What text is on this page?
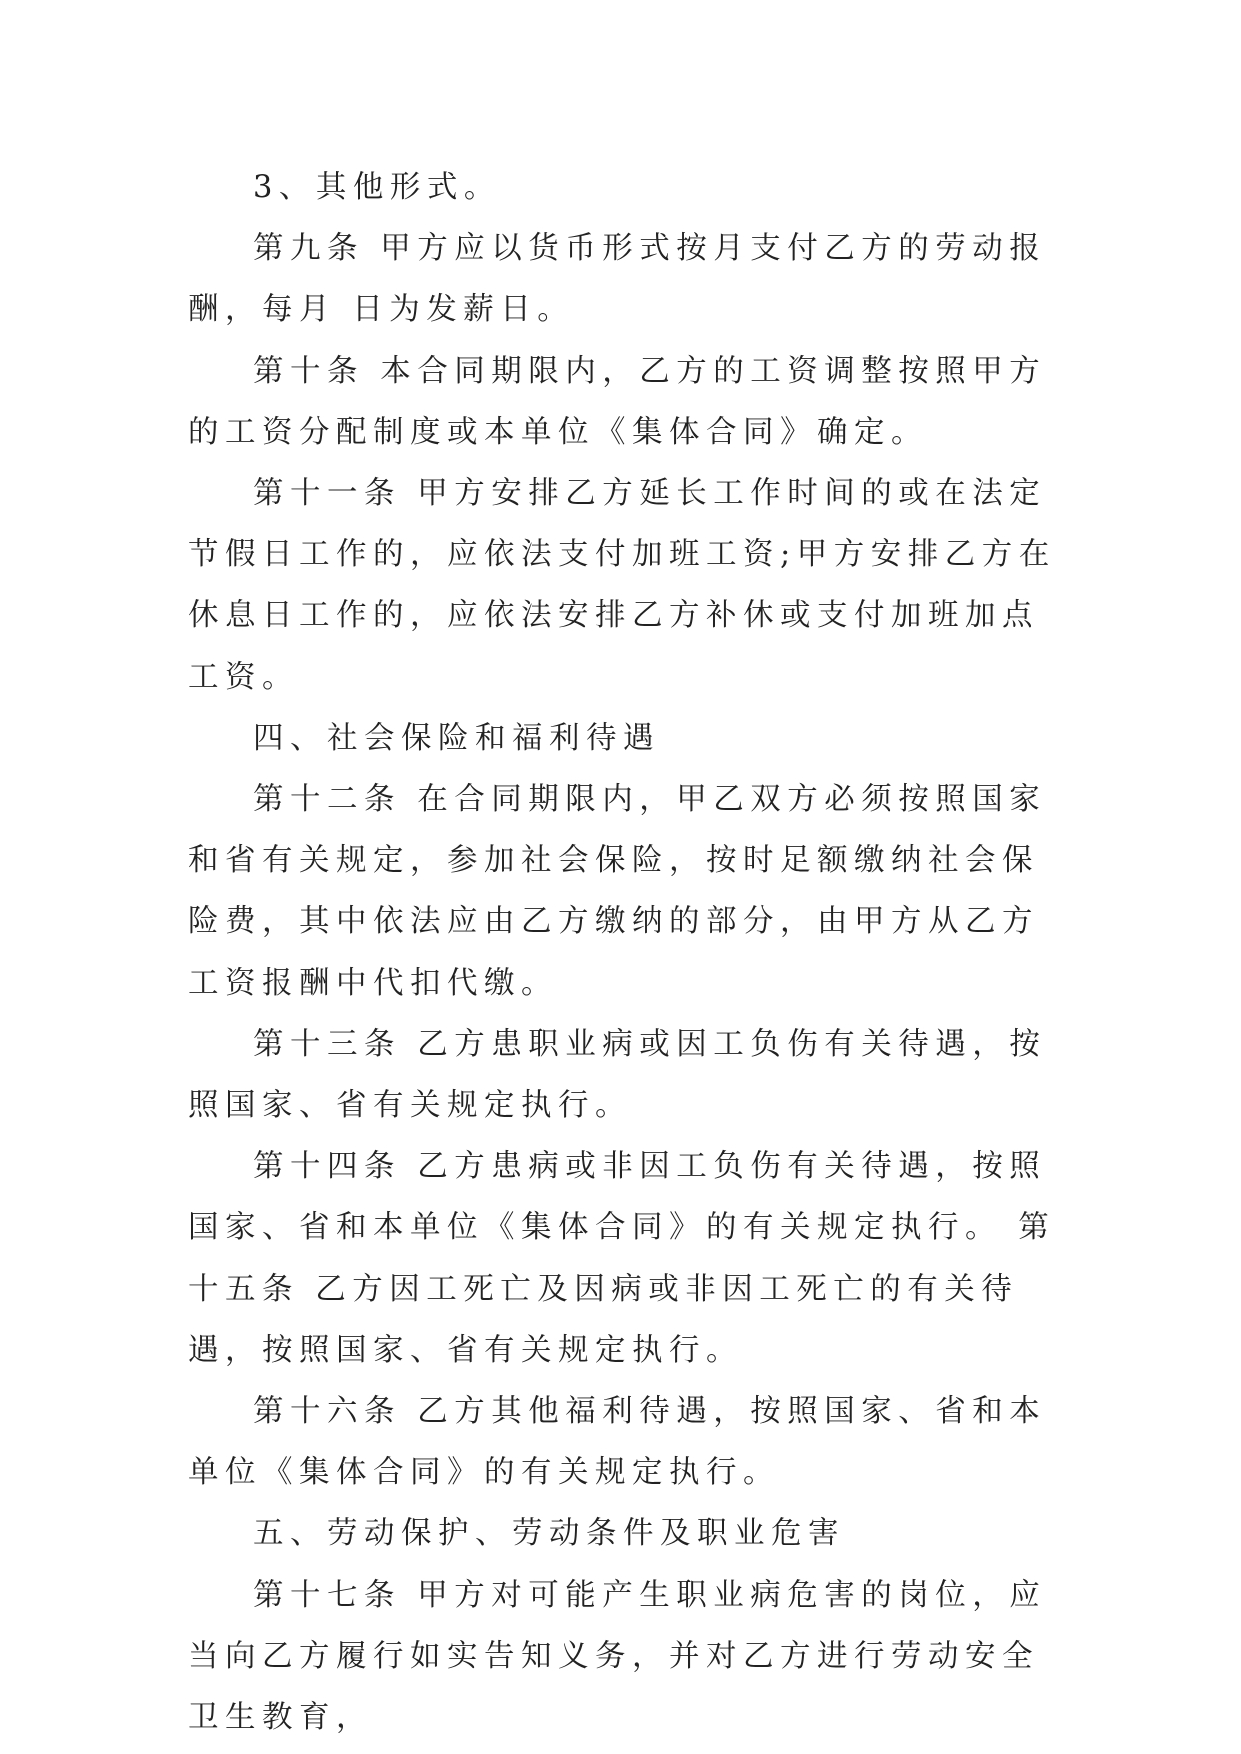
3、其他形式。

第九条 甲方应以货币形式按月支付乙方的劳动报酬，每月 日为发薪日。

第十条 本合同期限内，乙方的工资调整按照甲方的工资分配制度或本单位《集体合同》确定。

第十一条 甲方安排乙方延长工作时间的或在法定节假日工作的，应依法支付加班工资;甲方安排乙方在休息日工作的，应依法安排乙方补休或支付加班加点工资。

四、社会保险和福利待遇

第十二条 在合同期限内，甲乙双方必须按照国家和省有关规定，参加社会保险，按时足额缴纳社会保险费，其中依法应由乙方缴纳的部分，由甲方从乙方工资报酬中代扣代缴。

第十三条 乙方患职业病或因工负伤有关待遇，按照国家、省有关规定执行。

第十四条 乙方患病或非因工负伤有关待遇，按照国家、省和本单位《集体合同》的有关规定执行。 第十五条 乙方因工死亡及因病或非因工死亡的有关待遇，按照国家、省有关规定执行。

第十六条 乙方其他福利待遇，按照国家、省和本单位《集体合同》的有关规定执行。

五、劳动保护、劳动条件及职业危害

第十七条 甲方对可能产生职业病危害的岗位，应当向乙方履行如实告知义务，并对乙方进行劳动安全卫生教育，
